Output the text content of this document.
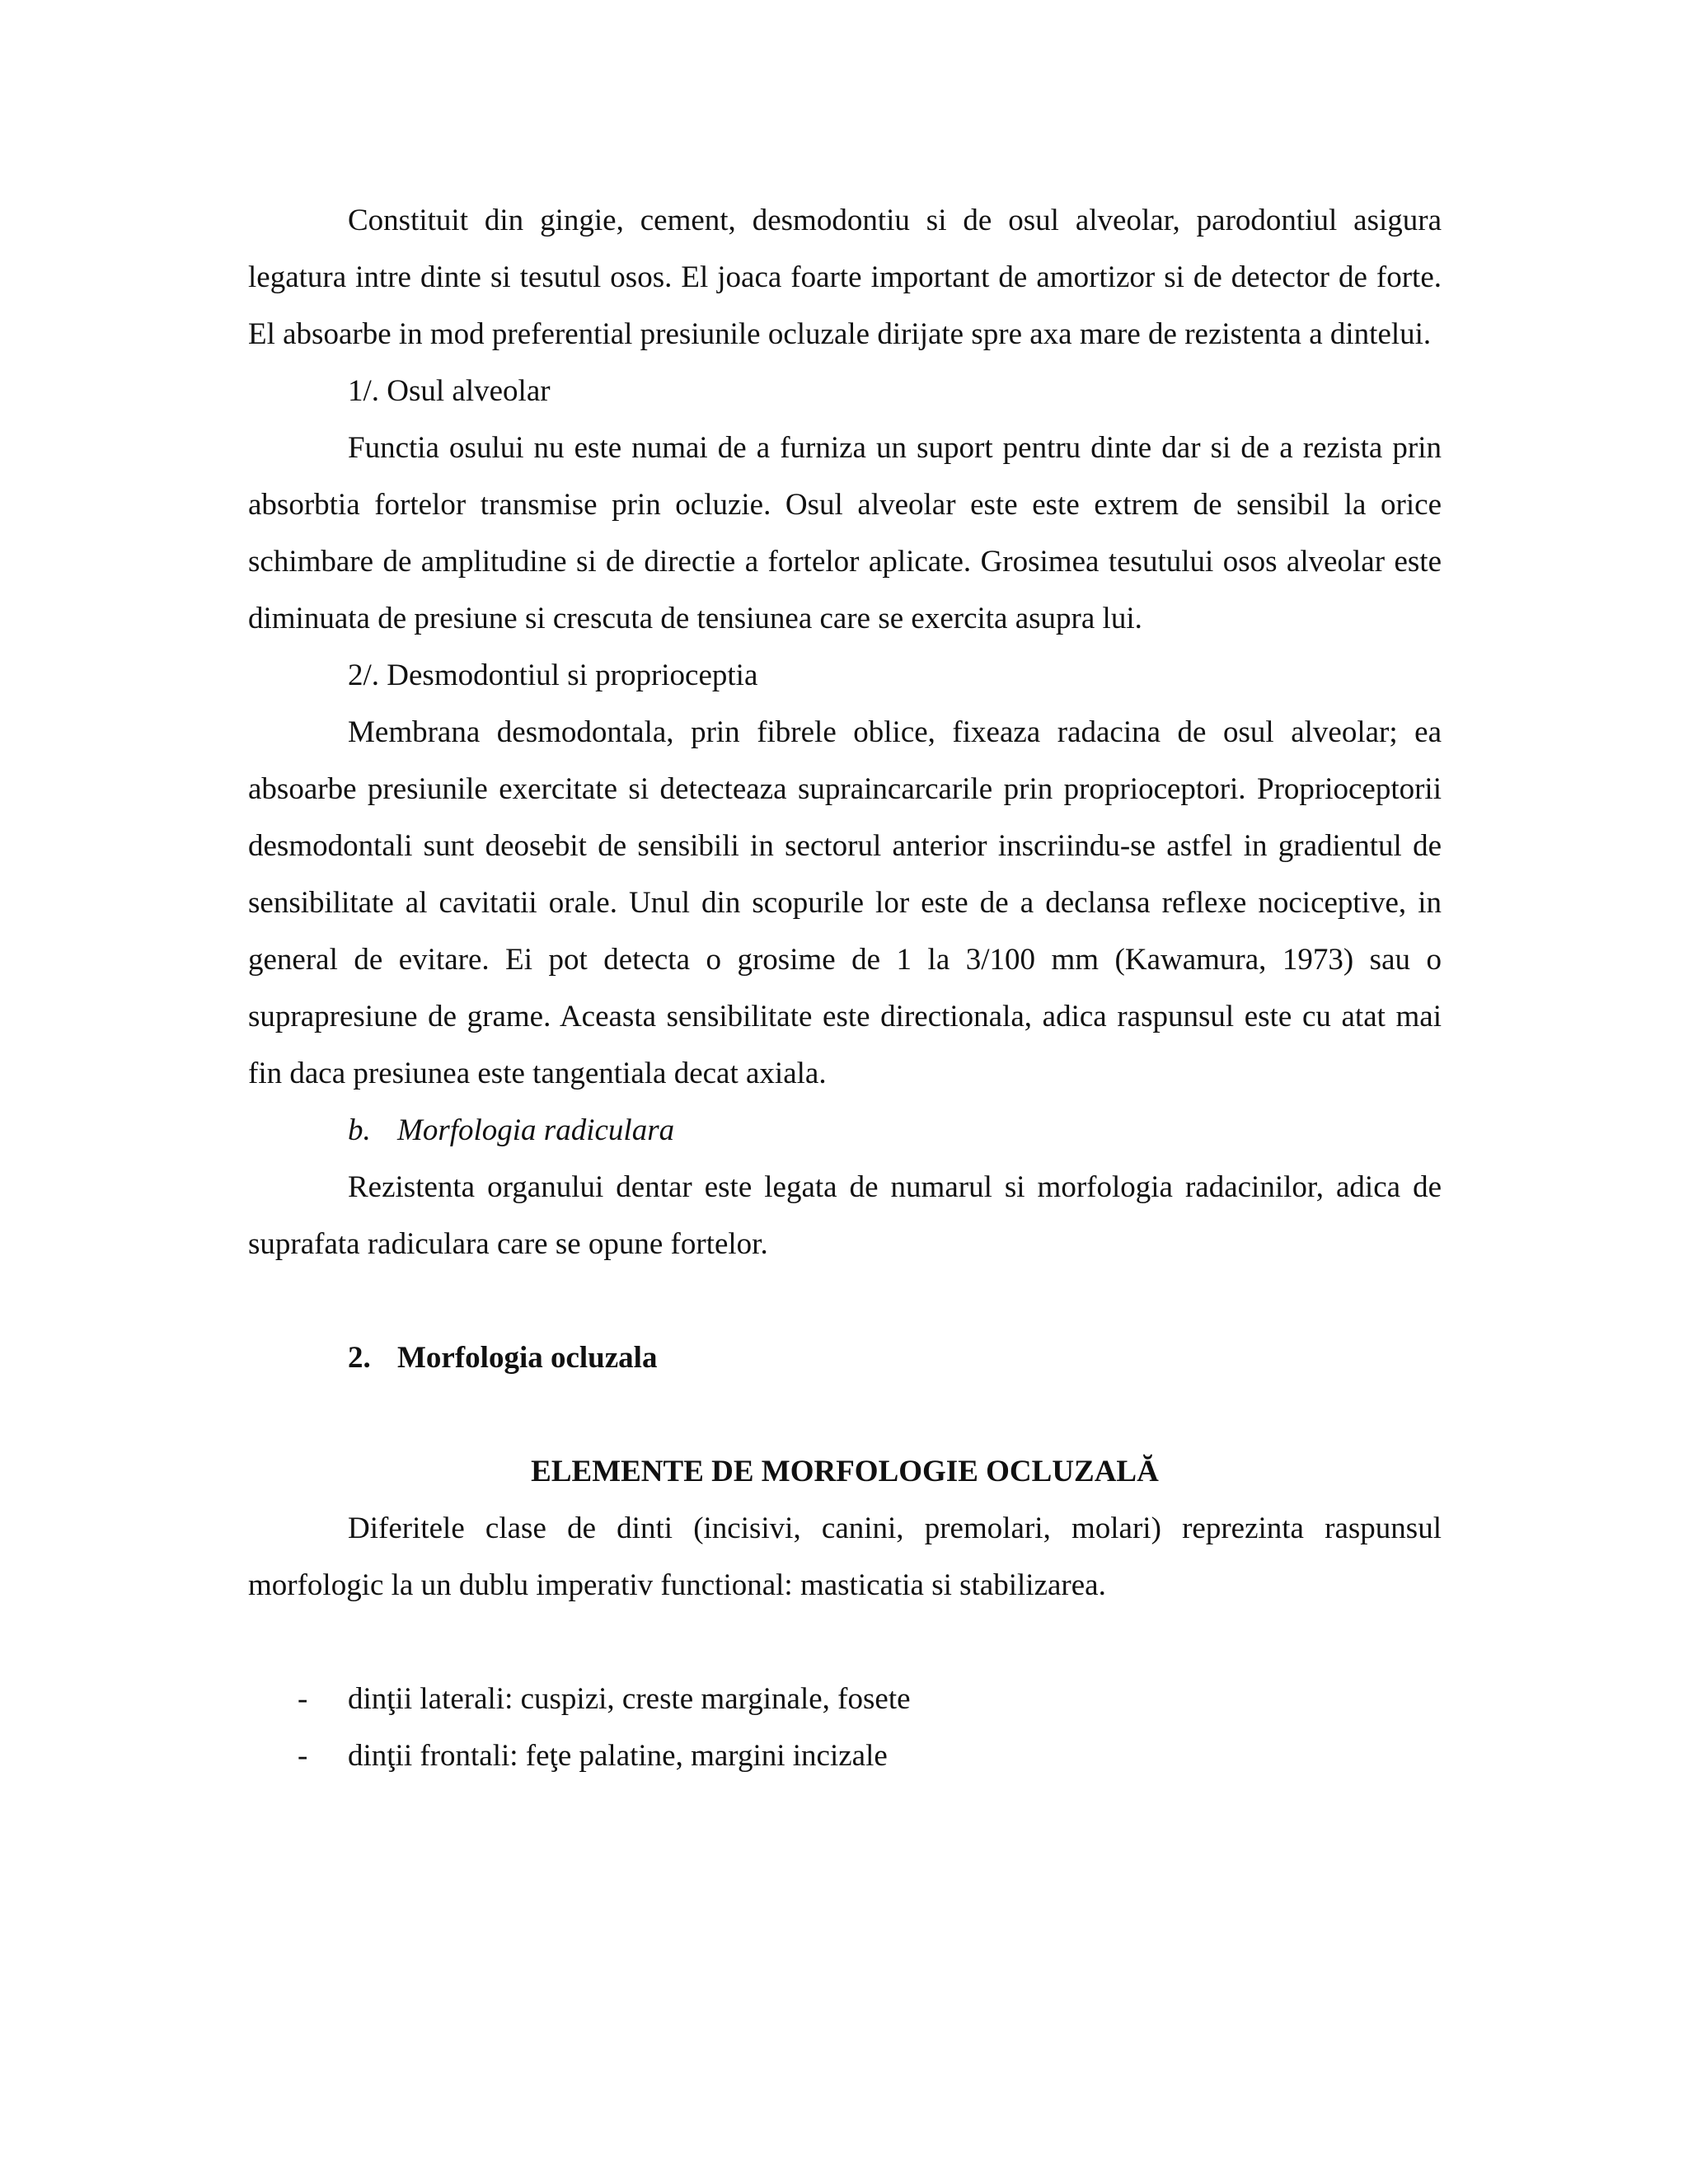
Constituit din gingie, cement, desmodontiu si de osul alveolar, parodontiul asigura legatura intre dinte si tesutul osos. El joaca foarte important de amortizor si de detector de forte. El absoarbe in mod preferential presiunile ocluzale dirijate spre axa mare de rezistenta a dintelui.

1/. Osul alveolar

Functia osului nu este numai de a furniza un suport pentru dinte dar si de a rezista prin absorbtia fortelor transmise prin ocluzie. Osul alveolar este este extrem de sensibil la orice schimbare de amplitudine si de directie a fortelor aplicate. Grosimea tesutului osos alveolar este diminuata de presiune si crescuta de tensiunea care se exercita asupra lui.

2/. Desmodontiul si proprioceptia

Membrana desmodontala, prin fibrele oblice, fixeaza radacina de osul alveolar; ea absoarbe presiunile exercitate si detecteaza supraincarcarile prin proprioceptori. Proprioceptorii desmodontali sunt deosebit de sensibili in sectorul anterior inscriindu-se astfel in gradientul de sensibilitate al cavitatii orale. Unul din scopurile lor este de a declansa reflexe nociceptive, in general de evitare. Ei pot detecta o grosime de 1 la 3/100 mm (Kawamura, 1973) sau o suprapresiune de grame. Aceasta sensibilitate este directionala, adica raspunsul este cu atat mai fin daca presiunea este tangentiala decat axiala.

b. Morfologia radiculara

Rezistenta organului dentar este legata de numarul si morfologia radacinilor, adica de suprafata radiculara care se opune fortelor.

2. Morfologia ocluzala

ELEMENTE DE MORFOLOGIE OCLUZALĂ

Diferitele clase de dinti (incisivi, canini, premolari, molari) reprezinta raspunsul morfologic la un dublu imperativ functional: masticatia si stabilizarea.

- dinţii laterali: cuspizi, creste marginale, fosete
- dinţii frontali: feţe palatine, margini incizale
